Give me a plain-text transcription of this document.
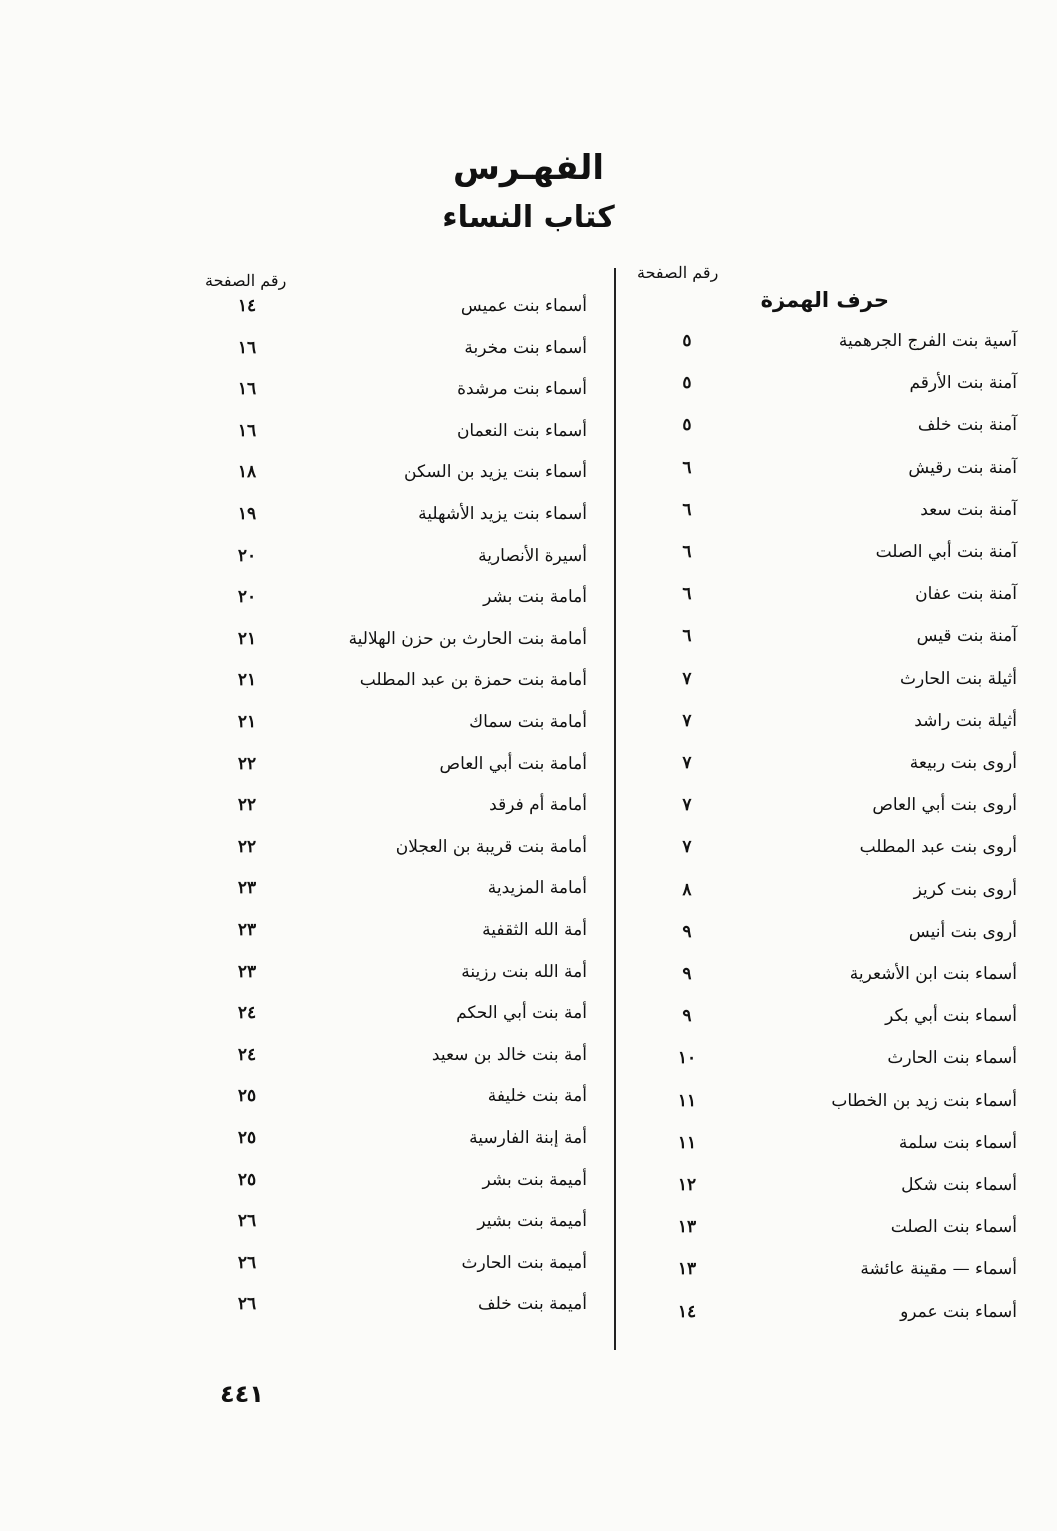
الفهـرس
كتاب النساء
رقم الصفحة
رقم الصفحة
حرف الهمزة
آسية بنت الفرج الجرهمية
٥
آمنة بنت الأرقم
٥
آمنة بنت خلف
٥
آمنة بنت رقيش
٦
آمنة بنت سعد
٦
آمنة بنت أبي الصلت
٦
آمنة بنت عفان
٦
آمنة بنت قيس
٦
أثيلة بنت الحارث
٧
أثيلة بنت راشد
٧
أروى بنت ربيعة
٧
أروى بنت أبي العاص
٧
أروى بنت عبد المطلب
٧
أروى بنت كريز
٨
أروى بنت أنيس
٩
أسماء بنت ابن الأشعرية
٩
أسماء بنت أبي بكر
٩
أسماء بنت الحارث
١٠
أسماء بنت زيد بن الخطاب
١١
أسماء بنت سلمة
١١
أسماء بنت شكل
١٢
أسماء بنت الصلت
١٣
أسماء — مقينة عائشة
١٣
أسماء بنت عمرو
١٤
أسماء بنت عميس
١٤
أسماء بنت مخربة
١٦
أسماء بنت مرشدة
١٦
أسماء بنت النعمان
١٦
أسماء بنت يزيد بن السكن
١٨
أسماء بنت يزيد الأشهلية
١٩
أسيرة الأنصارية
٢٠
أمامة بنت بشر
٢٠
أمامة بنت الحارث بن حزن الهلالية
٢١
أمامة بنت حمزة بن عبد المطلب
٢١
أمامة بنت سماك
٢١
أمامة بنت أبي العاص
٢٢
أمامة أم فرقد
٢٢
أمامة بنت قريبة بن العجلان
٢٢
أمامة المزيدية
٢٣
أمة الله الثقفية
٢٣
أمة الله بنت رزينة
٢٣
أمة بنت أبي الحكم
٢٤
أمة بنت خالد بن سعيد
٢٤
أمة بنت خليفة
٢٥
أمة إبنة الفارسية
٢٥
أميمة بنت بشر
٢٥
أميمة بنت بشير
٢٦
أميمة بنت الحارث
٢٦
أميمة بنت خلف
٢٦
٤٤١
